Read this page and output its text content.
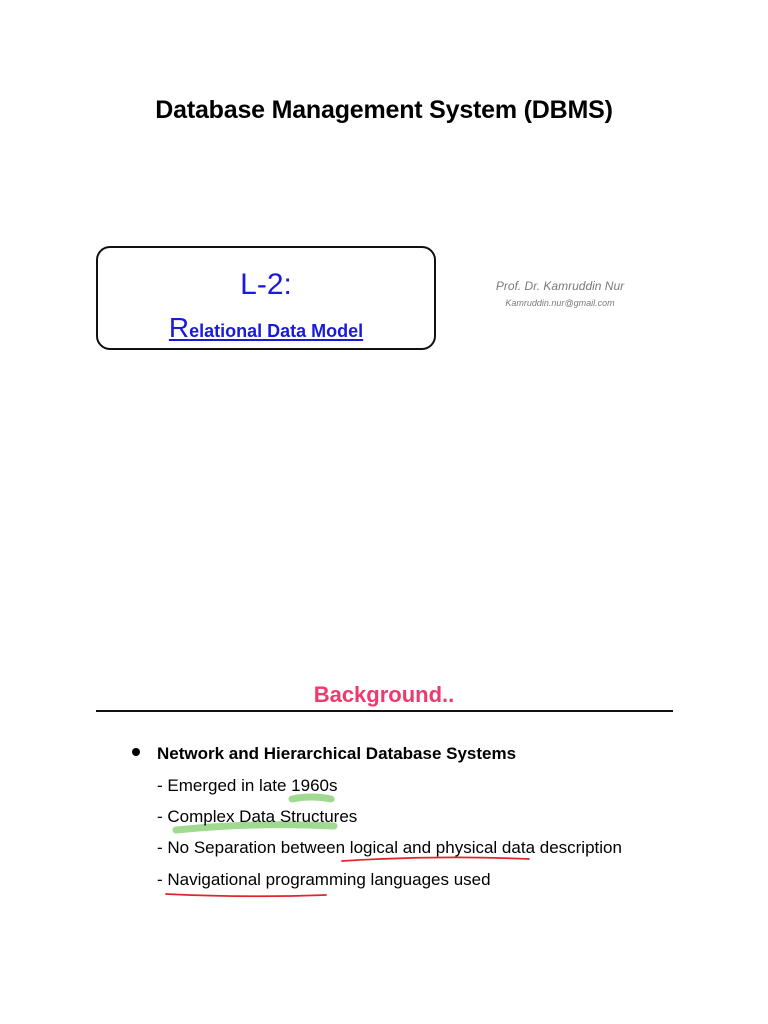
Database Management System (DBMS)
L-2:
Relational Data Model
Prof. Dr. Kamruddin Nur
Kamruddin.nur@gmail.com
Background..
Network and Hierarchical Database Systems
- Emerged in late 1960s
- Complex Data Structures
- No Separation between logical and physical data description
- Navigational programming languages used
